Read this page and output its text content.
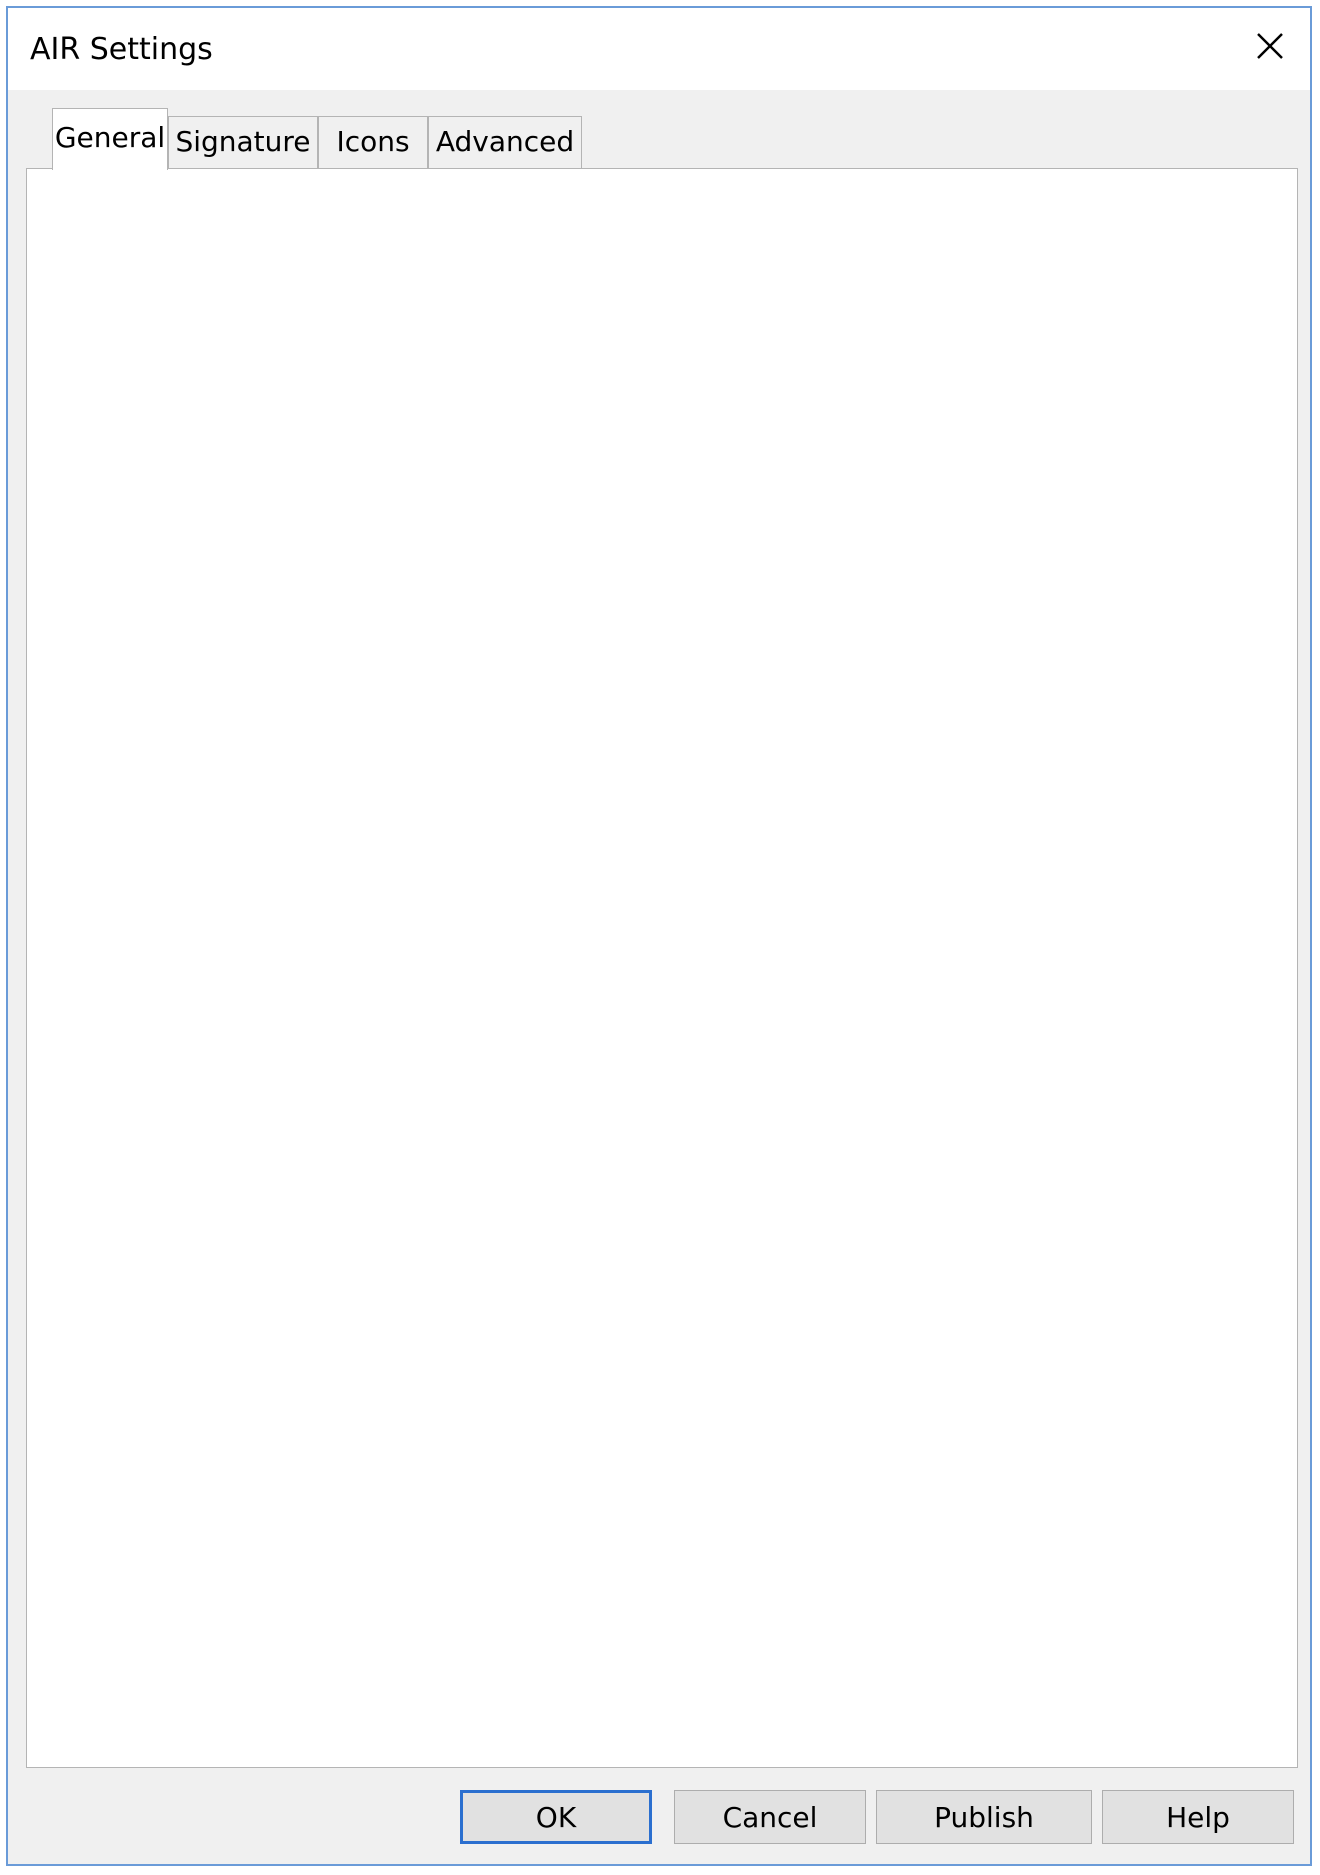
AIR Settings
General Signature Icons Advanced
Untitled-2
1.0
Untitled-2
OK	Cancel	Publish	Help
